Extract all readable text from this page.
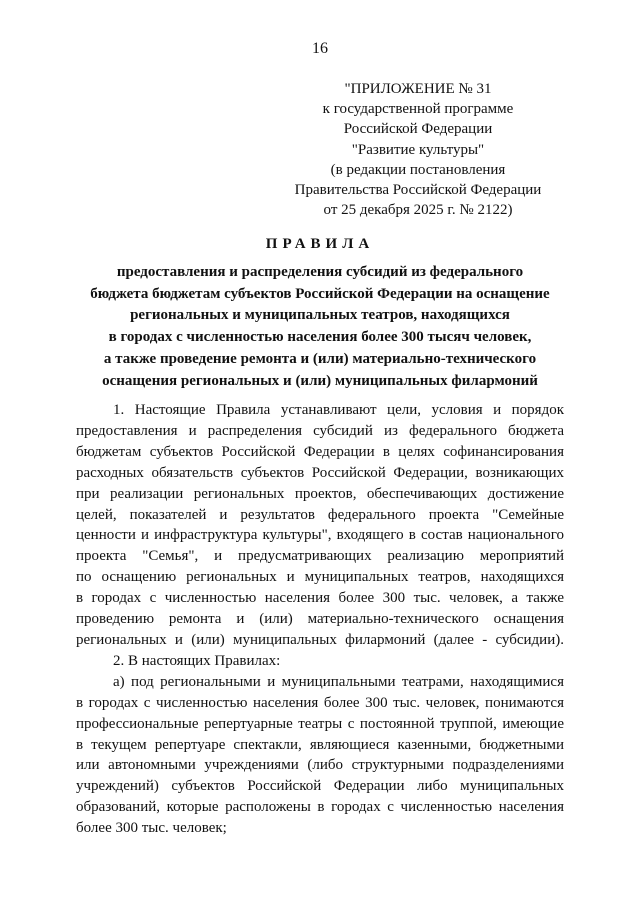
16
"ПРИЛОЖЕНИЕ № 31
к государственной программе
Российской Федерации
"Развитие культуры"
(в редакции постановления
Правительства Российской Федерации
от 25 декабря 2025 г. № 2122)
ПРАВИЛА
предоставления и распределения субсидий из федерального
бюджета бюджетам субъектов Российской Федерации на оснащение
региональных и муниципальных театров, находящихся
в городах с численностью населения более 300 тысяч человек,
а также проведение ремонта и (или) материально-технического
оснащения региональных и (или) муниципальных филармоний
1. Настоящие Правила устанавливают цели, условия и порядок
предоставления и распределения субсидий из федерального бюджета
бюджетам субъектов Российской Федерации в целях софинансирования
расходных обязательств субъектов Российской Федерации, возникающих
при реализации региональных проектов, обеспечивающих достижение
целей, показателей и результатов федерального проекта "Семейные
ценности и инфраструктура культуры", входящего в состав национального
проекта "Семья", и предусматривающих реализацию мероприятий
по оснащению региональных и муниципальных театров, находящихся
в городах с численностью населения более 300 тыс. человек, а также
проведению ремонта и (или) материально-технического оснащения
региональных и (или) муниципальных филармоний (далее - субсидии).
2. В настоящих Правилах:
а) под региональными и муниципальными театрами, находящимися
в городах с численностью населения более 300 тыс. человек, понимаются
профессиональные репертуарные театры с постоянной труппой, имеющие
в текущем репертуаре спектакли, являющиеся казенными, бюджетными
или автономными учреждениями (либо структурными подразделениями
учреждений) субъектов Российской Федерации либо муниципальных
образований, которые расположены в городах с численностью населения
более 300 тыс. человек;
